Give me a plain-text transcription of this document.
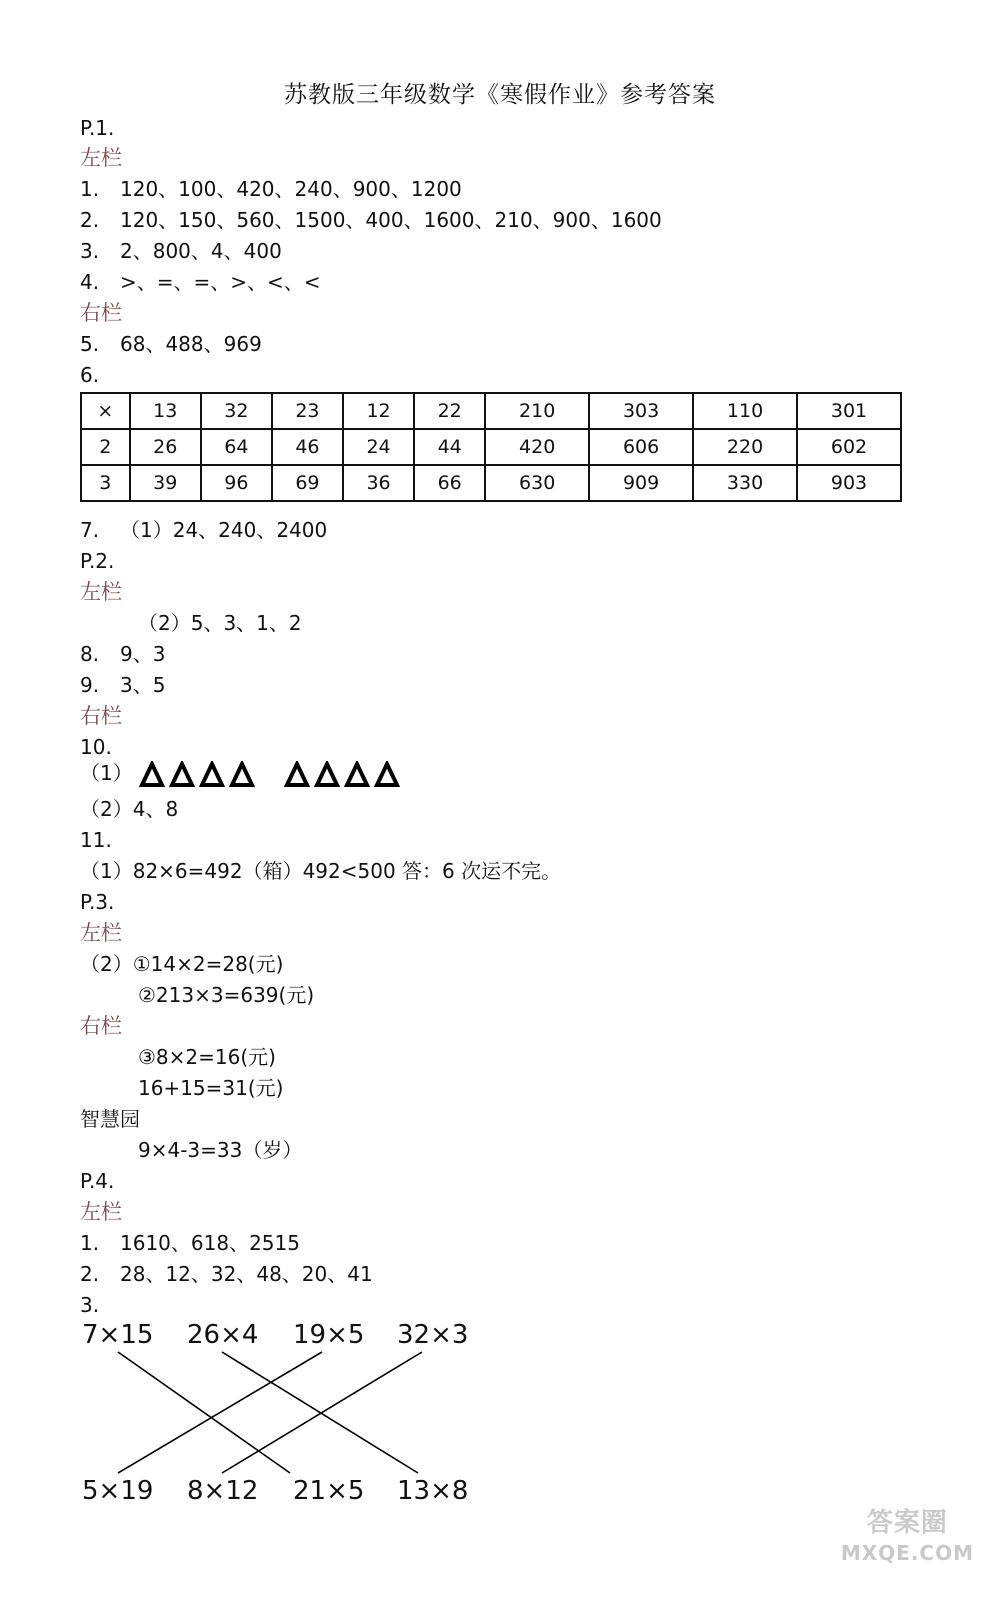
苏教版三年级数学《寒假作业》参考答案
P.1.
左栏
1. 120、100、420、240、900、1200
2. 120、150、560、1500、400、1600、210、900、1600
3. 2、800、4、400
4. >、=、=、>、<、<
右栏
5. 68、488、969
6.
×	13	32	23	12	22	210	303	110	301
2	26	64	46	24	44	420	606	220	602
3	39	96	69	36	66	630	909	330	903
7. （1）24、240、2400
P.2.
左栏
（2）5、3、1、2
8. 9、3
9. 3、5
右栏
10.
（1）
（2）4、8
11.
（1）82×6=492（箱）492<500 答：6 次运不完。
P.3.
左栏
（2）①14×2=28(元)
②213×3=639(元)
右栏
③8×2=16(元)
16+15=31(元)
智慧园
9×4-3=33（岁）
P.4.
左栏
1. 1610、618、2515
2. 28、12、32、48、20、41
3.
7×15 26×4 19×5 32×3
5×19 8×12 21×5 13×8
答案圈
MXQE.COM
